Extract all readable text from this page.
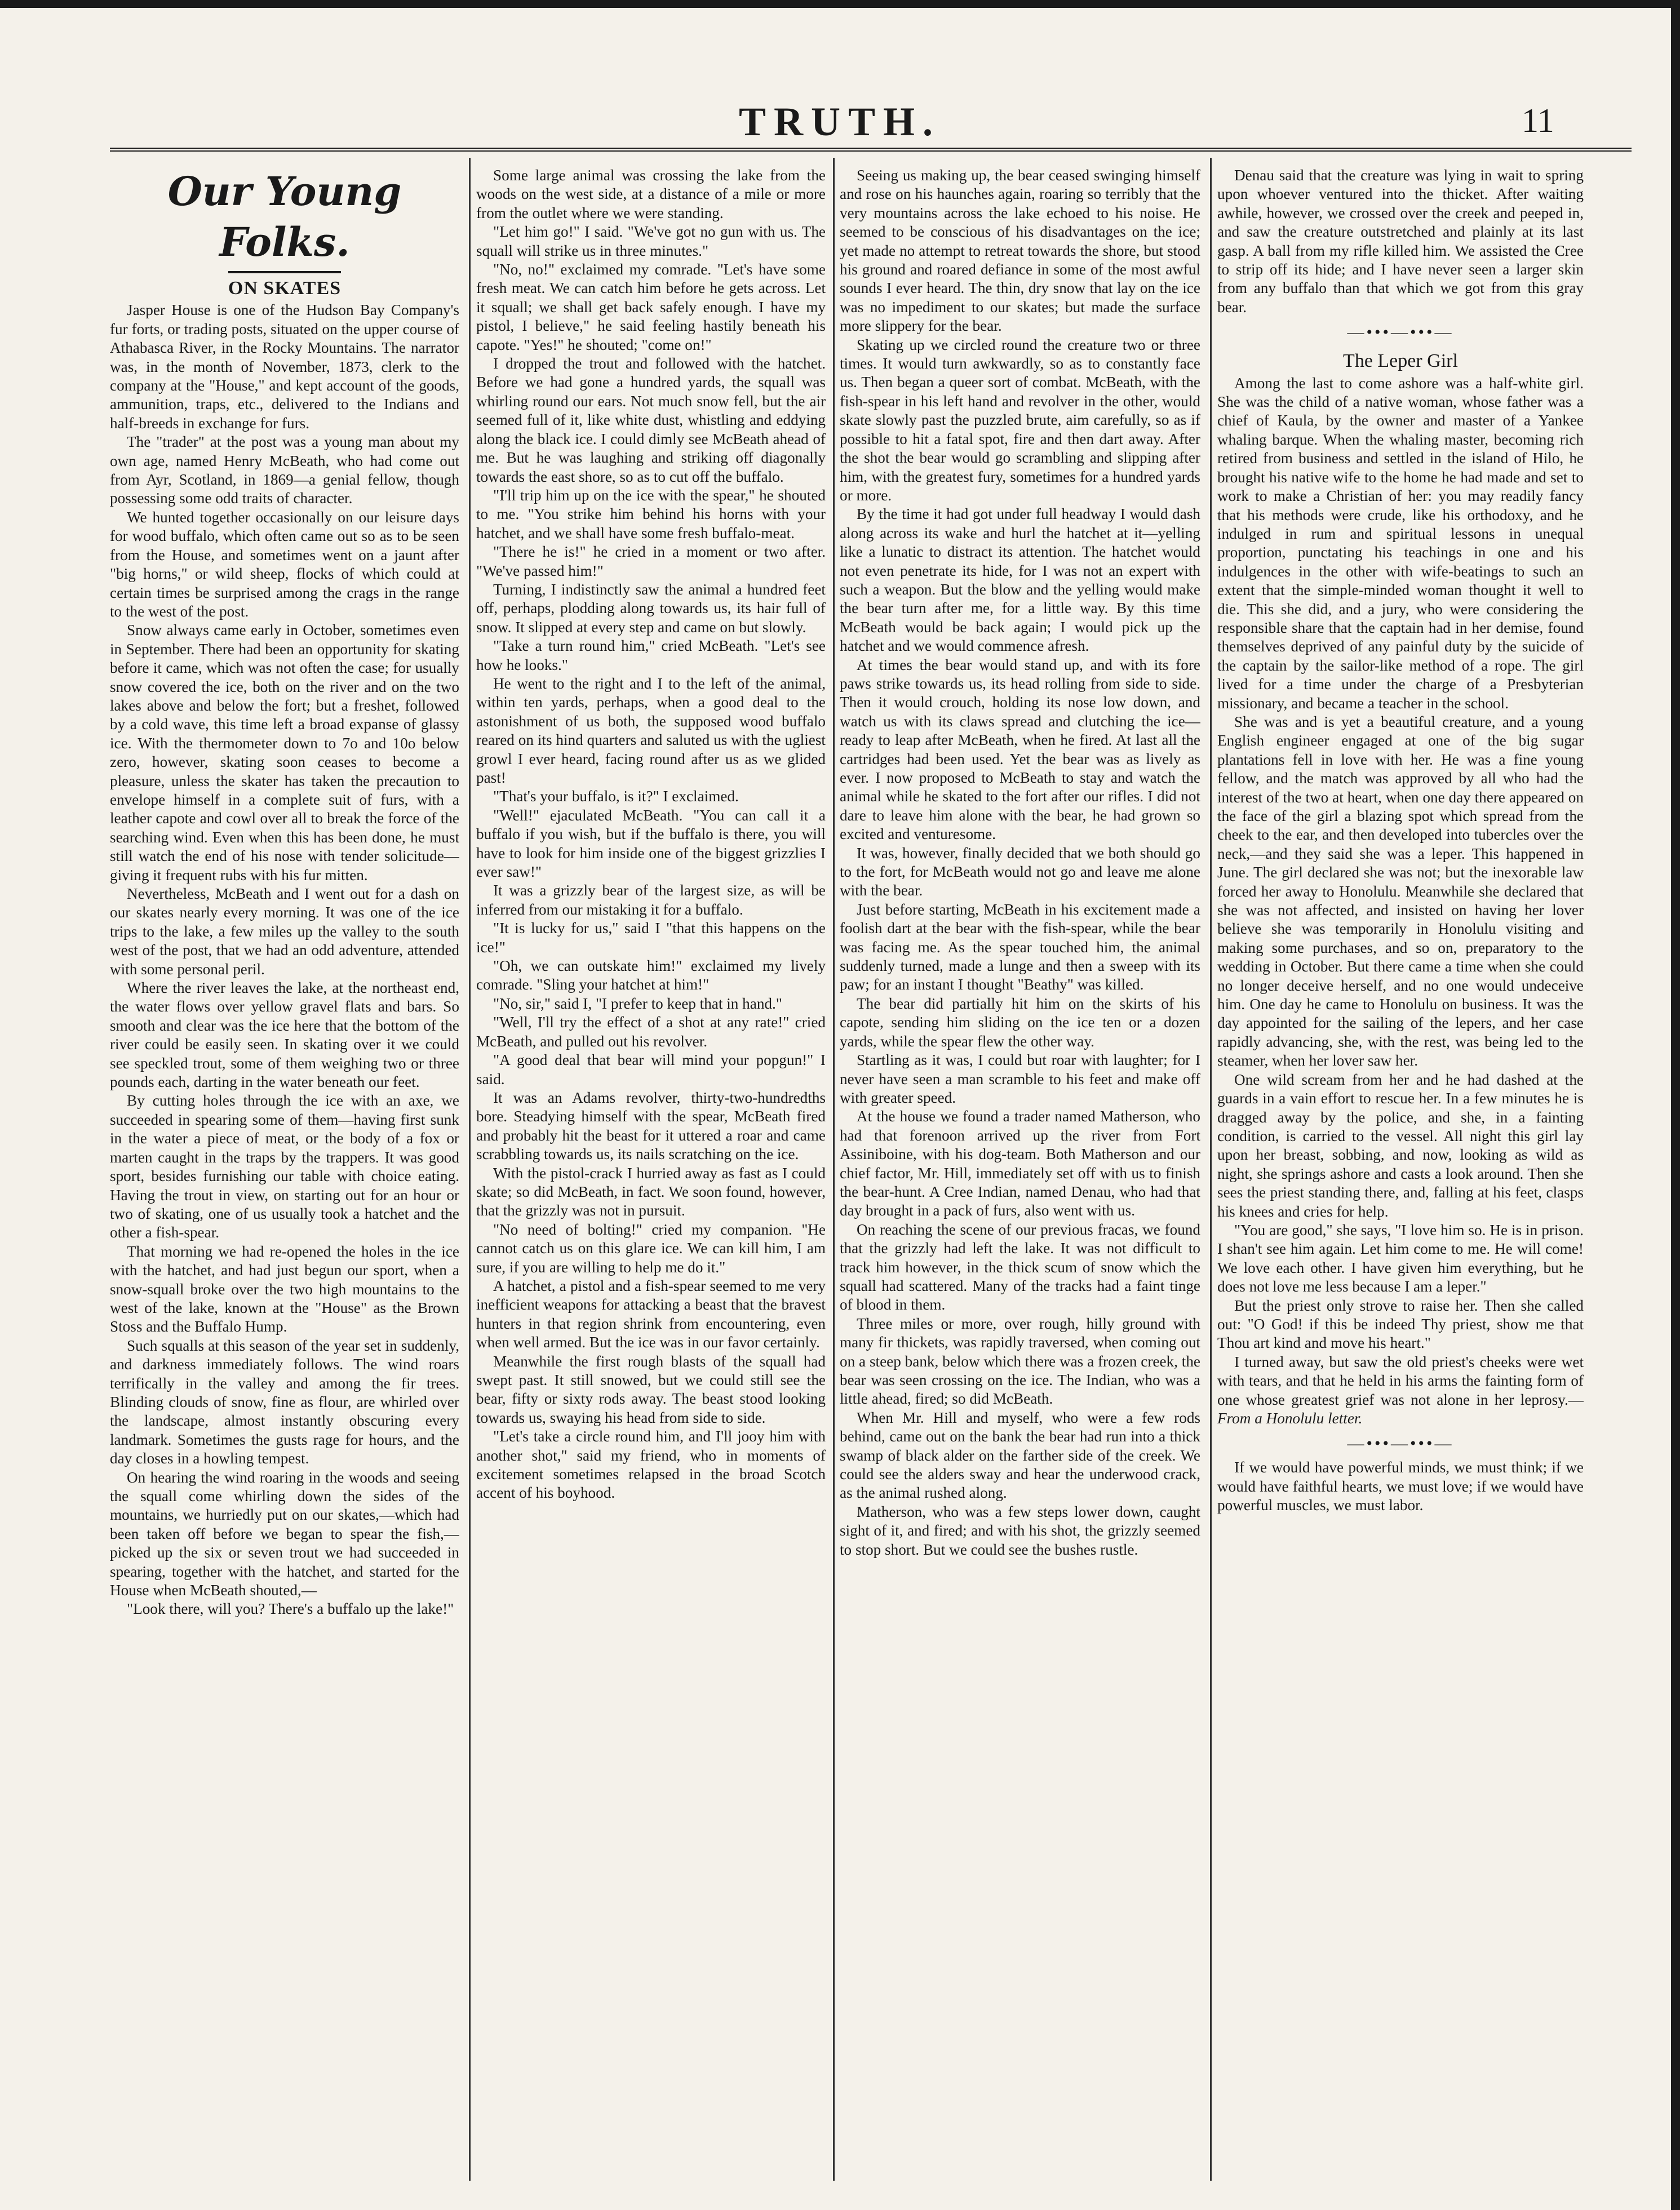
TRUTH.	11
Our Young Folks.
ON SKATES

Jasper House is one of the Hudson Bay Company's fur forts, or trading posts, situated on the upper course of Athabasca River, in the Rocky Mountains. The narrator was, in the month of November, 1873, clerk to the company at the "House," and kept account of the goods, ammunition, traps, etc., delivered to the Indians and half-breeds in exchange for furs.

The "trader" at the post was a young man about my own age, named Henry McBeath, who had come out from Ayr, Scotland, in 1869—a genial fellow, though possessing some odd traits of character.

We hunted together occasionally on our leisure days for wood buffalo, which often came out so as to be seen from the House, and sometimes went on a jaunt after "big horns," or wild sheep, flocks of which could at certain times be surprised among the crags in the range to the west of the post.

Snow always came early in October, sometimes even in September. There had been an opportunity for skating before it came, which was not often the case; for usually snow covered the ice, both on the river and on the two lakes above and below the fort; but a freshet, followed by a cold wave, this time left a broad expanse of glassy ice. With the thermometer down to 7o and 10o below zero, however, skating soon ceases to become a pleasure, unless the skater has taken the precaution to envelope himself in a complete suit of furs, with a leather capote and cowl over all to break the force of the searching wind. Even when this has been done, he must still watch the end of his nose with tender solicitude—giving it frequent rubs with his fur mitten.

Nevertheless, McBeath and I went out for a dash on our skates nearly every morning. It was one of the ice trips to the lake, a few miles up the valley to the south west of the post, that we had an odd adventure, attended with some personal peril.

Where the river leaves the lake, at the northeast end, the water flows over yellow gravel flats and bars. So smooth and clear was the ice here that the bottom of the river could be easily seen. In skating over it we could see speckled trout, some of them weighing two or three pounds each, darting in the water beneath our feet.

By cutting holes through the ice with an axe, we succeeded in spearing some of them—having first sunk in the water a piece of meat, or the body of a fox or marten caught in the traps by the trappers. It was good sport, besides furnishing our table with choice eating. Having the trout in view, on starting out for an hour or two of skating, one of us usually took a hatchet and the other a fish-spear.

That morning we had re-opened the holes in the ice with the hatchet, and had just begun our sport, when a snow-squall broke over the two high mountains to the west of the lake, known at the "House" as the Brown Stoss and the Buffalo Hump.

Such squalls at this season of the year set in suddenly, and darkness immediately follows. The wind roars terrifically in the valley and among the fir trees. Blinding clouds of snow, fine as flour, are whirled over the landscape, almost instantly obscuring every landmark. Sometimes the gusts rage for hours, and the day closes in a howling tempest.

On hearing the wind roaring in the woods and seeing the squall come whirling down the sides of the mountains, we hurriedly put on our skates,—which had been taken off before we began to spear the fish,—picked up the six or seven trout we had succeeded in spearing, together with the hatchet, and started for the House when McBeath shouted,—

"Look there, will you? There's a buffalo up the lake!"

Some large animal was crossing the lake from the woods on the west side, at a distance of a mile or more from the outlet where we were standing.

"Let him go!" I said. "We've got no gun with us. The squall will strike us in three minutes."

"No, no!" exclaimed my comrade. "Let's have some fresh meat. We can catch him before he gets across. Let it squall; we shall get back safely enough. I have my pistol, I believe," he said feeling hastily beneath his capote. "Yes!" he shouted; "come on!"

I dropped the trout and followed with the hatchet. Before we had gone a hundred yards, the squall was whirling round our ears. Not much snow fell, but the air seemed full of it, like white dust, whistling and eddying along the black ice. I could dimly see McBeath ahead of me. But he was laughing and striking off diagonally towards the east shore, so as to cut off the buffalo.

"I'll trip him up on the ice with the spear," he shouted to me. "You strike him behind his horns with your hatchet, and we shall have some fresh buffalo-meat.

"There he is!" he cried in a moment or two after. "We've passed him!"

Turning, I indistinctly saw the animal a hundred feet off, perhaps, plodding along towards us, its hair full of snow. It slipped at every step and came on but slowly.

"Take a turn round him," cried McBeath. "Let's see how he looks."

He went to the right and I to the left of the animal, within ten yards, perhaps, when a good deal to the astonishment of us both, the supposed wood buffalo reared on its hind quarters and saluted us with the ugliest growl I ever heard, facing round after us as we glided past!

"That's your buffalo, is it?" I exclaimed.

"Well!" ejaculated McBeath. "You can call it a buffalo if you wish, but if the buffalo is there, you will have to look for him inside one of the biggest grizzlies I ever saw!"

It was a grizzly bear of the largest size, as will be inferred from our mistaking it for a buffalo.

"It is lucky for us," said I "that this happens on the ice!"

"Oh, we can outskate him!" exclaimed my lively comrade. "Sling your hatchet at him!"

"No, sir," said I, "I prefer to keep that in hand."

"Well, I'll try the effect of a shot at any rate!" cried McBeath, and pulled out his revolver.

"A good deal that bear will mind your popgun!" I said.

It was an Adams revolver, thirty-two-hundredths bore. Steadying himself with the spear, McBeath fired and probably hit the beast for it uttered a roar and came scrabbling towards us, its nails scratching on the ice.

With the pistol-crack I hurried away as fast as I could skate; so did McBeath, in fact. We soon found, however, that the grizzly was not in pursuit.

"No need of bolting!" cried my companion. "He cannot catch us on this glare ice. We can kill him, I am sure, if you are willing to help me do it."

A hatchet, a pistol and a fish-spear seemed to me very inefficient weapons for attacking a beast that the bravest hunters in that region shrink from encountering, even when well armed. But the ice was in our favor certainly.

Meanwhile the first rough blasts of the squall had swept past. It still snowed, but we could still see the bear, fifty or sixty rods away. The beast stood looking towards us, swaying his head from side to side.

"Let's take a circle round him, and I'll jooy him with another shot," said my friend, who in moments of excitement sometimes relapsed in the broad Scotch accent of his boyhood.

Seeing us making up, the bear ceased swinging himself and rose on his haunches again, roaring so terribly that the very mountains across the lake echoed to his noise. He seemed to be conscious of his disadvantages on the ice; yet made no attempt to retreat towards the shore, but stood his ground and roared defiance in some of the most awful sounds I ever heard. The thin, dry snow that lay on the ice was no impediment to our skates; but made the surface more slippery for the bear.

Skating up we circled round the creature two or three times. It would turn awkwardly, so as to constantly face us. Then began a queer sort of combat. McBeath, with the fish-spear in his left hand and revolver in the other, would skate slowly past the puzzled brute, aim carefully, so as if possible to hit a fatal spot, fire and then dart away. After the shot the bear would go scrambling and slipping after him, with the greatest fury, sometimes for a hundred yards or more.

By the time it had got under full headway I would dash along across its wake and hurl the hatchet at it—yelling like a lunatic to distract its attention. The hatchet would not even penetrate its hide, for I was not an expert with such a weapon. But the blow and the yelling would make the bear turn after me, for a little way. By this time McBeath would be back again; I would pick up the hatchet and we would commence afresh.

At times the bear would stand up, and with its fore paws strike towards us, its head rolling from side to side. Then it would crouch, holding its nose low down, and watch us with its claws spread and clutching the ice—ready to leap after McBeath, when he fired. At last all the cartridges had been used. Yet the bear was as lively as ever. I now proposed to McBeath to stay and watch the animal while he skated to the fort after our rifles. I did not dare to leave him alone with the bear, he had grown so excited and venturesome.

It was, however, finally decided that we both should go to the fort, for McBeath would not go and leave me alone with the bear.

Just before starting, McBeath in his excitement made a foolish dart at the bear with the fish-spear, while the bear was facing me. As the spear touched him, the animal suddenly turned, made a lunge and then a sweep with its paw; for an instant I thought "Beathy" was killed.

The bear did partially hit him on the skirts of his capote, sending him sliding on the ice ten or a dozen yards, while the spear flew the other way.

Startling as it was, I could but roar with laughter; for I never have seen a man scramble to his feet and make off with greater speed.

At the house we found a trader named Matherson, who had that forenoon arrived up the river from Fort Assiniboine, with his dog-team. Both Matherson and our chief factor, Mr. Hill, immediately set off with us to finish the bear-hunt. A Cree Indian, named Denau, who had that day brought in a pack of furs, also went with us.

On reaching the scene of our previous fracas, we found that the grizzly had left the lake. It was not difficult to track him however, in the thick scum of snow which the squall had scattered. Many of the tracks had a faint tinge of blood in them.

Three miles or more, over rough, hilly ground with many fir thickets, was rapidly traversed, when coming out on a steep bank, below which there was a frozen creek, the bear was seen crossing on the ice. The Indian, who was a little ahead, fired; so did McBeath.

When Mr. Hill and myself, who were a few rods behind, came out on the bank the bear had run into a thick swamp of black alder on the farther side of the creek. We could see the alders sway and hear the underwood crack, as the animal rushed along.

Matherson, who was a few steps lower down, caught sight of it, and fired; and with his shot, the grizzly seemed to stop short. But we could see the bushes rustle.

Denau said that the creature was lying in wait to spring upon whoever ventured into the thicket. After waiting awhile, however, we crossed over the creek and peeped in, and saw the creature outstretched and plainly at its last gasp. A ball from my rifle killed him. We assisted the Cree to strip off its hide; and I have never seen a larger skin from any buffalo than that which we got from this gray bear.

—•••—•••—
The Leper Girl

Among the last to come ashore was a half-white girl. She was the child of a native woman, whose father was a chief of Kaula, by the owner and master of a Yankee whaling barque. When the whaling master, becoming rich retired from business and settled in the island of Hilo, he brought his native wife to the home he had made and set to work to make a Christian of her: you may readily fancy that his methods were crude, like his orthodoxy, and he indulged in rum and spiritual lessons in unequal proportion, punctating his teachings in one and his indulgences in the other with wife-beatings to such an extent that the simple-minded woman thought it well to die. This she did, and a jury, who were considering the responsible share that the captain had in her demise, found themselves deprived of any painful duty by the suicide of the captain by the sailor-like method of a rope. The girl lived for a time under the charge of a Presbyterian missionary, and became a teacher in the school.

She was and is yet a beautiful creature, and a young English engineer engaged at one of the big sugar plantations fell in love with her. He was a fine young fellow, and the match was approved by all who had the interest of the two at heart, when one day there appeared on the face of the girl a blazing spot which spread from the cheek to the ear, and then developed into tubercles over the neck,—and they said she was a leper. This happened in June. The girl declared she was not; but the inexorable law forced her away to Honolulu. Meanwhile she declared that she was not affected, and insisted on having her lover believe she was temporarily in Honolulu visiting and making some purchases, and so on, preparatory to the wedding in October. But there came a time when she could no longer deceive herself, and no one would undeceive him. One day he came to Honolulu on business. It was the day appointed for the sailing of the lepers, and her case rapidly advancing, she, with the rest, was being led to the steamer, when her lover saw her.

One wild scream from her and he had dashed at the guards in a vain effort to rescue her. In a few minutes he is dragged away by the police, and she, in a fainting condition, is carried to the vessel. All night this girl lay upon her breast, sobbing, and now, looking as wild as night, she springs ashore and casts a look around. Then she sees the priest standing there, and, falling at his feet, clasps his knees and cries for help.

"You are good," she says, "I love him so. He is in prison. I shan't see him again. Let him come to me. He will come! We love each other. I have given him everything, but he does not love me less because I am a leper."

But the priest only strove to raise her. Then she called out: "O God! if this be indeed Thy priest, show me that Thou art kind and move his heart."

I turned away, but saw the old priest's cheeks were wet with tears, and that he held in his arms the fainting form of one whose greatest grief was not alone in her leprosy.—From a Honolulu letter.

—•••—•••—

If we would have powerful minds, we must think; if we would have faithful hearts, we must love; if we would have powerful muscles, we must labor.
